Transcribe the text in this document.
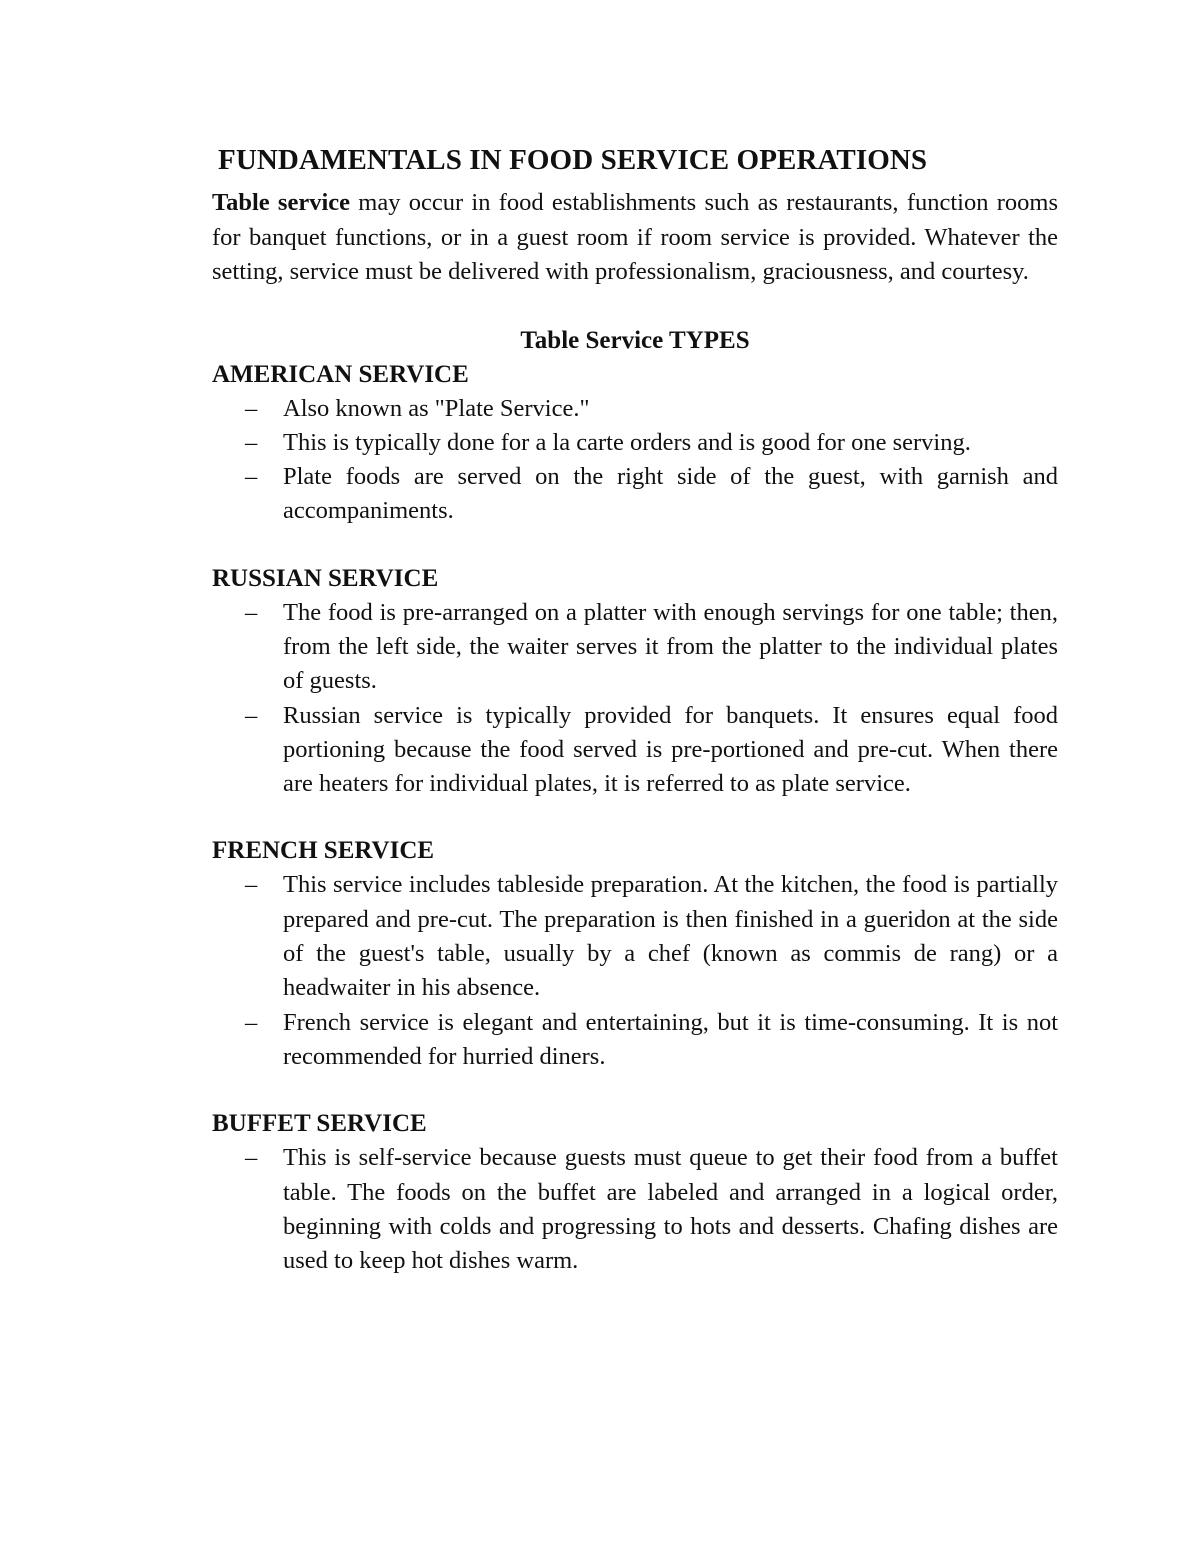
FUNDAMENTALS IN FOOD SERVICE OPERATIONS

Table service may occur in food establishments such as restaurants, function rooms for banquet functions, or in a guest room if room service is provided. Whatever the setting, service must be delivered with professionalism, graciousness, and courtesy.

Table Service TYPES
AMERICAN SERVICE
– Also known as "Plate Service."
– This is typically done for a la carte orders and is good for one serving.
– Plate foods are served on the right side of the guest, with garnish and accompaniments.
RUSSIAN SERVICE
– The food is pre-arranged on a platter with enough servings for one table; then, from the left side, the waiter serves it from the platter to the individual plates of guests.
– Russian service is typically provided for banquets. It ensures equal food portioning because the food served is pre-portioned and pre-cut. When there are heaters for individual plates, it is referred to as plate service.
FRENCH SERVICE
– This service includes tableside preparation. At the kitchen, the food is partially prepared and pre-cut. The preparation is then finished in a gueridon at the side of the guest's table, usually by a chef (known as commis de rang) or a headwaiter in his absence.
– French service is elegant and entertaining, but it is time-consuming. It is not recommended for hurried diners.
BUFFET SERVICE
– This is self-service because guests must queue to get their food from a buffet table. The foods on the buffet are labeled and arranged in a logical order, beginning with colds and progressing to hots and desserts. Chafing dishes are used to keep hot dishes warm.
